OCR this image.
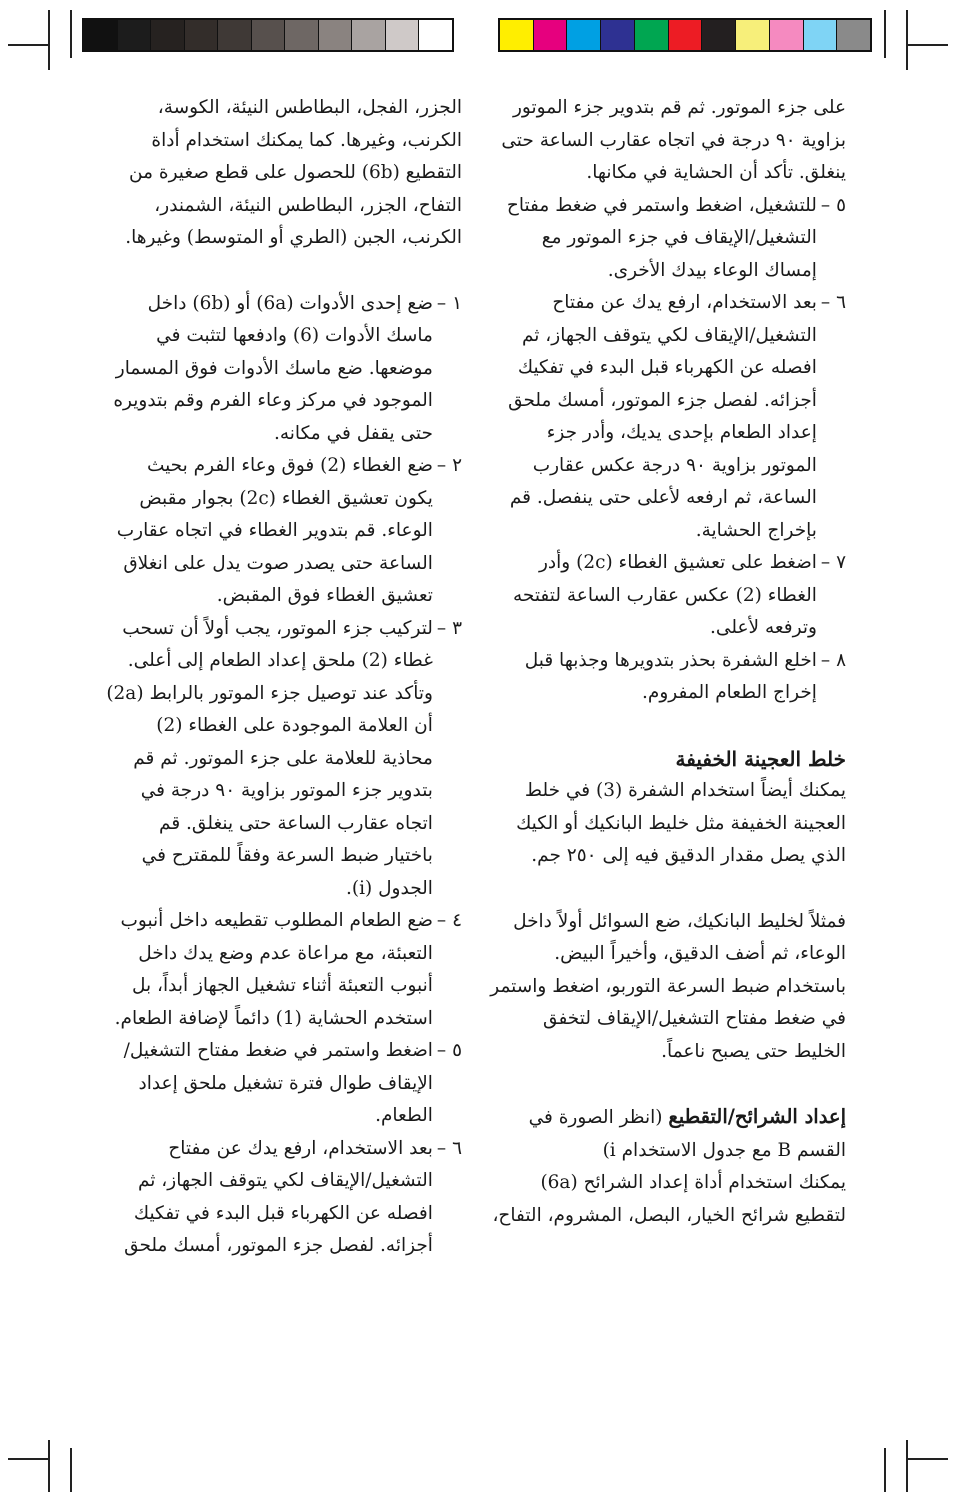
على جزء الموتور. ثم قم بتدوير جزء الموتور بزاوية ٩٠ درجة في اتجاه عقارب الساعة حتى ينغلق. تأكد أن الحشاية في مكانها.

٥ –
للتشغيل، اضغط واستمر في ضغط مفتاح التشغيل/الإيقاف في جزء الموتور مع إمساك الوعاء بيدك الأخرى.
٦ –
بعد الاستخدام، ارفع يدك عن مفتاح التشغيل/الإيقاف لكي يتوقف الجهاز، ثم افصله عن الكهرباء قبل البدء في تفكيك أجزائه. لفصل جزء الموتور، أمسك ملحق إعداد الطعام بإحدى يديك، وأدر جزء الموتور بزاوية ٩٠ درجة عكس عقارب الساعة، ثم ارفعه لأعلى حتى ينفصل. قم بإخراج الحشاية.
٧ –
اضغط على تعشيق الغطاء (2c) وأدر الغطاء (2) عكس عقارب الساعة لتفتحه وترفعه لأعلى.
٨ –
اخلع الشفرة بحذر بتدويرها وجذبها قبل إخراج الطعام المفروم.

خلط العجينة الخفيفة

يمكنك أيضاً استخدام الشفرة (3) في خلط العجينة الخفيفة مثل خليط البانكيك أو الكيك الذي يصل مقدار الدقيق فيه إلى ٢٥٠ جم.

فمثلاً لخليط البانكيك، ضع السوائل أولاً داخل الوعاء، ثم أضف الدقيق، وأخيراً البيض. باستخدام ضبط السرعة التوربو، اضغط واستمر في ضغط مفتاح التشغيل/الإيقاف لتخفق الخليط حتى يصبح ناعماً.

إعداد الشرائح/التقطيع (انظر الصورة في القسم B مع جدول الاستخدام i)

يمكنك استخدام أداة إعداد الشرائح (6a) لتقطيع شرائح الخيار، البصل، المشروم، التفاح،

الجزر، الفجل، البطاطس النيئة، الكوسة، الكرنب، وغيرها. كما يمكنك استخدام أداة التقطيع (6b) للحصول على قطع صغيرة من التفاح، الجزر، البطاطس النيئة، الشمندر، الكرنب، الجبن (الطري أو المتوسط) وغيرها.

١ –
ضع إحدى الأدوات (6a) أو (6b) داخل ماسك الأدوات (6) وادفعها لتثبت في موضعها. ضع ماسك الأدوات فوق المسمار الموجود في مركز وعاء الفرم وقم بتدويره حتى يقفل في مكانه.
٢ –
ضع الغطاء (2) فوق وعاء الفرم بحيث يكون تعشيق الغطاء (2c) بجوار مقبض الوعاء. قم بتدوير الغطاء في اتجاه عقارب الساعة حتى يصدر صوت يدل على انغلاق تعشيق الغطاء فوق المقبض.
٣ –
لتركيب جزء الموتور، يجب أولاً أن تسحب غطاء (2) ملحق إعداد الطعام إلى أعلى. وتأكد عند توصيل جزء الموتور بالرابط (2a) أن العلامة الموجودة على الغطاء (2) محاذية للعلامة على جزء الموتور. ثم قم بتدوير جزء الموتور بزاوية ٩٠ درجة في اتجاه عقارب الساعة حتى ينغلق. قم باختيار ضبط السرعة وفقاً للمقترح في الجدول (i).
٤ –
ضع الطعام المطلوب تقطيعه داخل أنبوب التعبئة، مع مراعاة عدم وضع يدك داخل أنبوب التعبئة أثناء تشغيل الجهاز أبداً، بل استخدم الحشاية (1) دائماً لإضافة الطعام.
٥ –
اضغط واستمر في ضغط مفتاح التشغيل/الإيقاف طوال فترة تشغيل ملحق إعداد الطعام.
٦ –
بعد الاستخدام، ارفع يدك عن مفتاح التشغيل/الإيقاف لكي يتوقف الجهاز، ثم افصله عن الكهرباء قبل البدء في تفكيك أجزائه. لفصل جزء الموتور، أمسك ملحق
